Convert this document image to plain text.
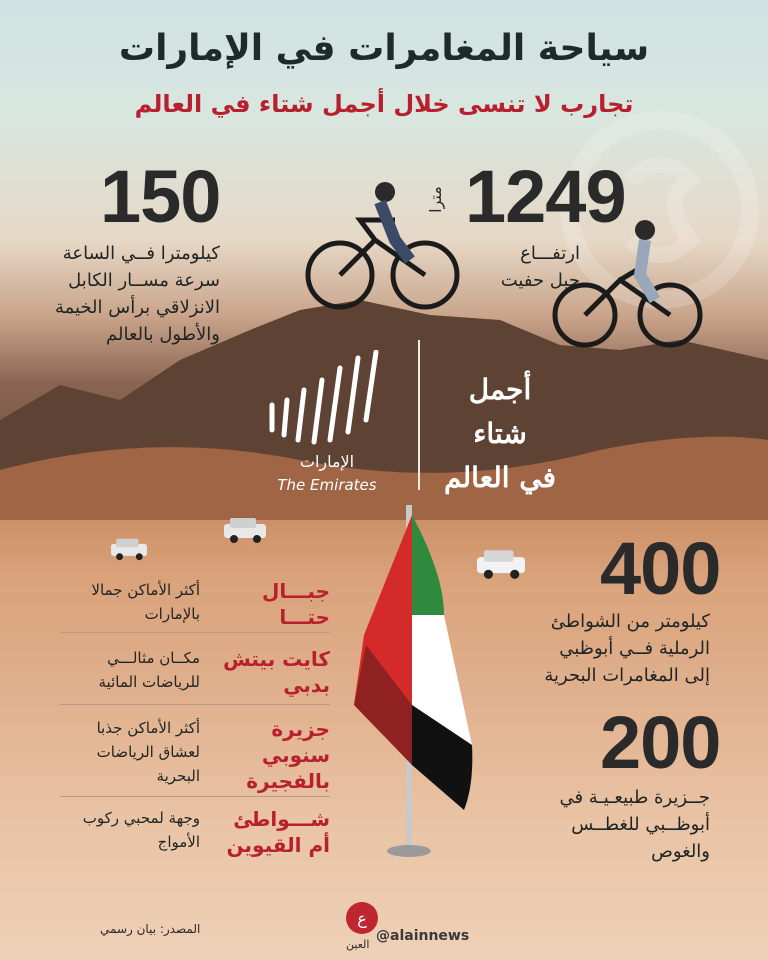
سياحة المغامرات في الإمارات
تجارب لا تنسى خلال أجمل شتاء في العالم
1249
مترا
ارتفـــاع
جبل حفيت
150
كيلومترا فــي الساعة
سرعة مســار الكابل
الانزلاقي برأس الخيمة
والأطول بالعالم
الإمارات
The Emirates
أجمل
شتاء
في العالم
400
كيلومتر من الشواطئ
الرملية فــي أبوظبي
إلى المغامرات البحرية
200
جــزيرة طبيعـيـة في
أبوظــبي للغطــس
والغوص
جبـــال حتـــا
أكثر الأماكن جمالا بالإمارات
كايت بيتش بدبي
مكــان مثالـــي للرياضات المائية
جزيرة سنوبي بالفجيرة
أكثر الأماكن جذبا لعشاق الرياضات البحرية
شـــواطئ أم القيوين
وجهة لمحبي ركوب الأمواج
المصدر: بيان رسمي
ع
العين
@alainnews
